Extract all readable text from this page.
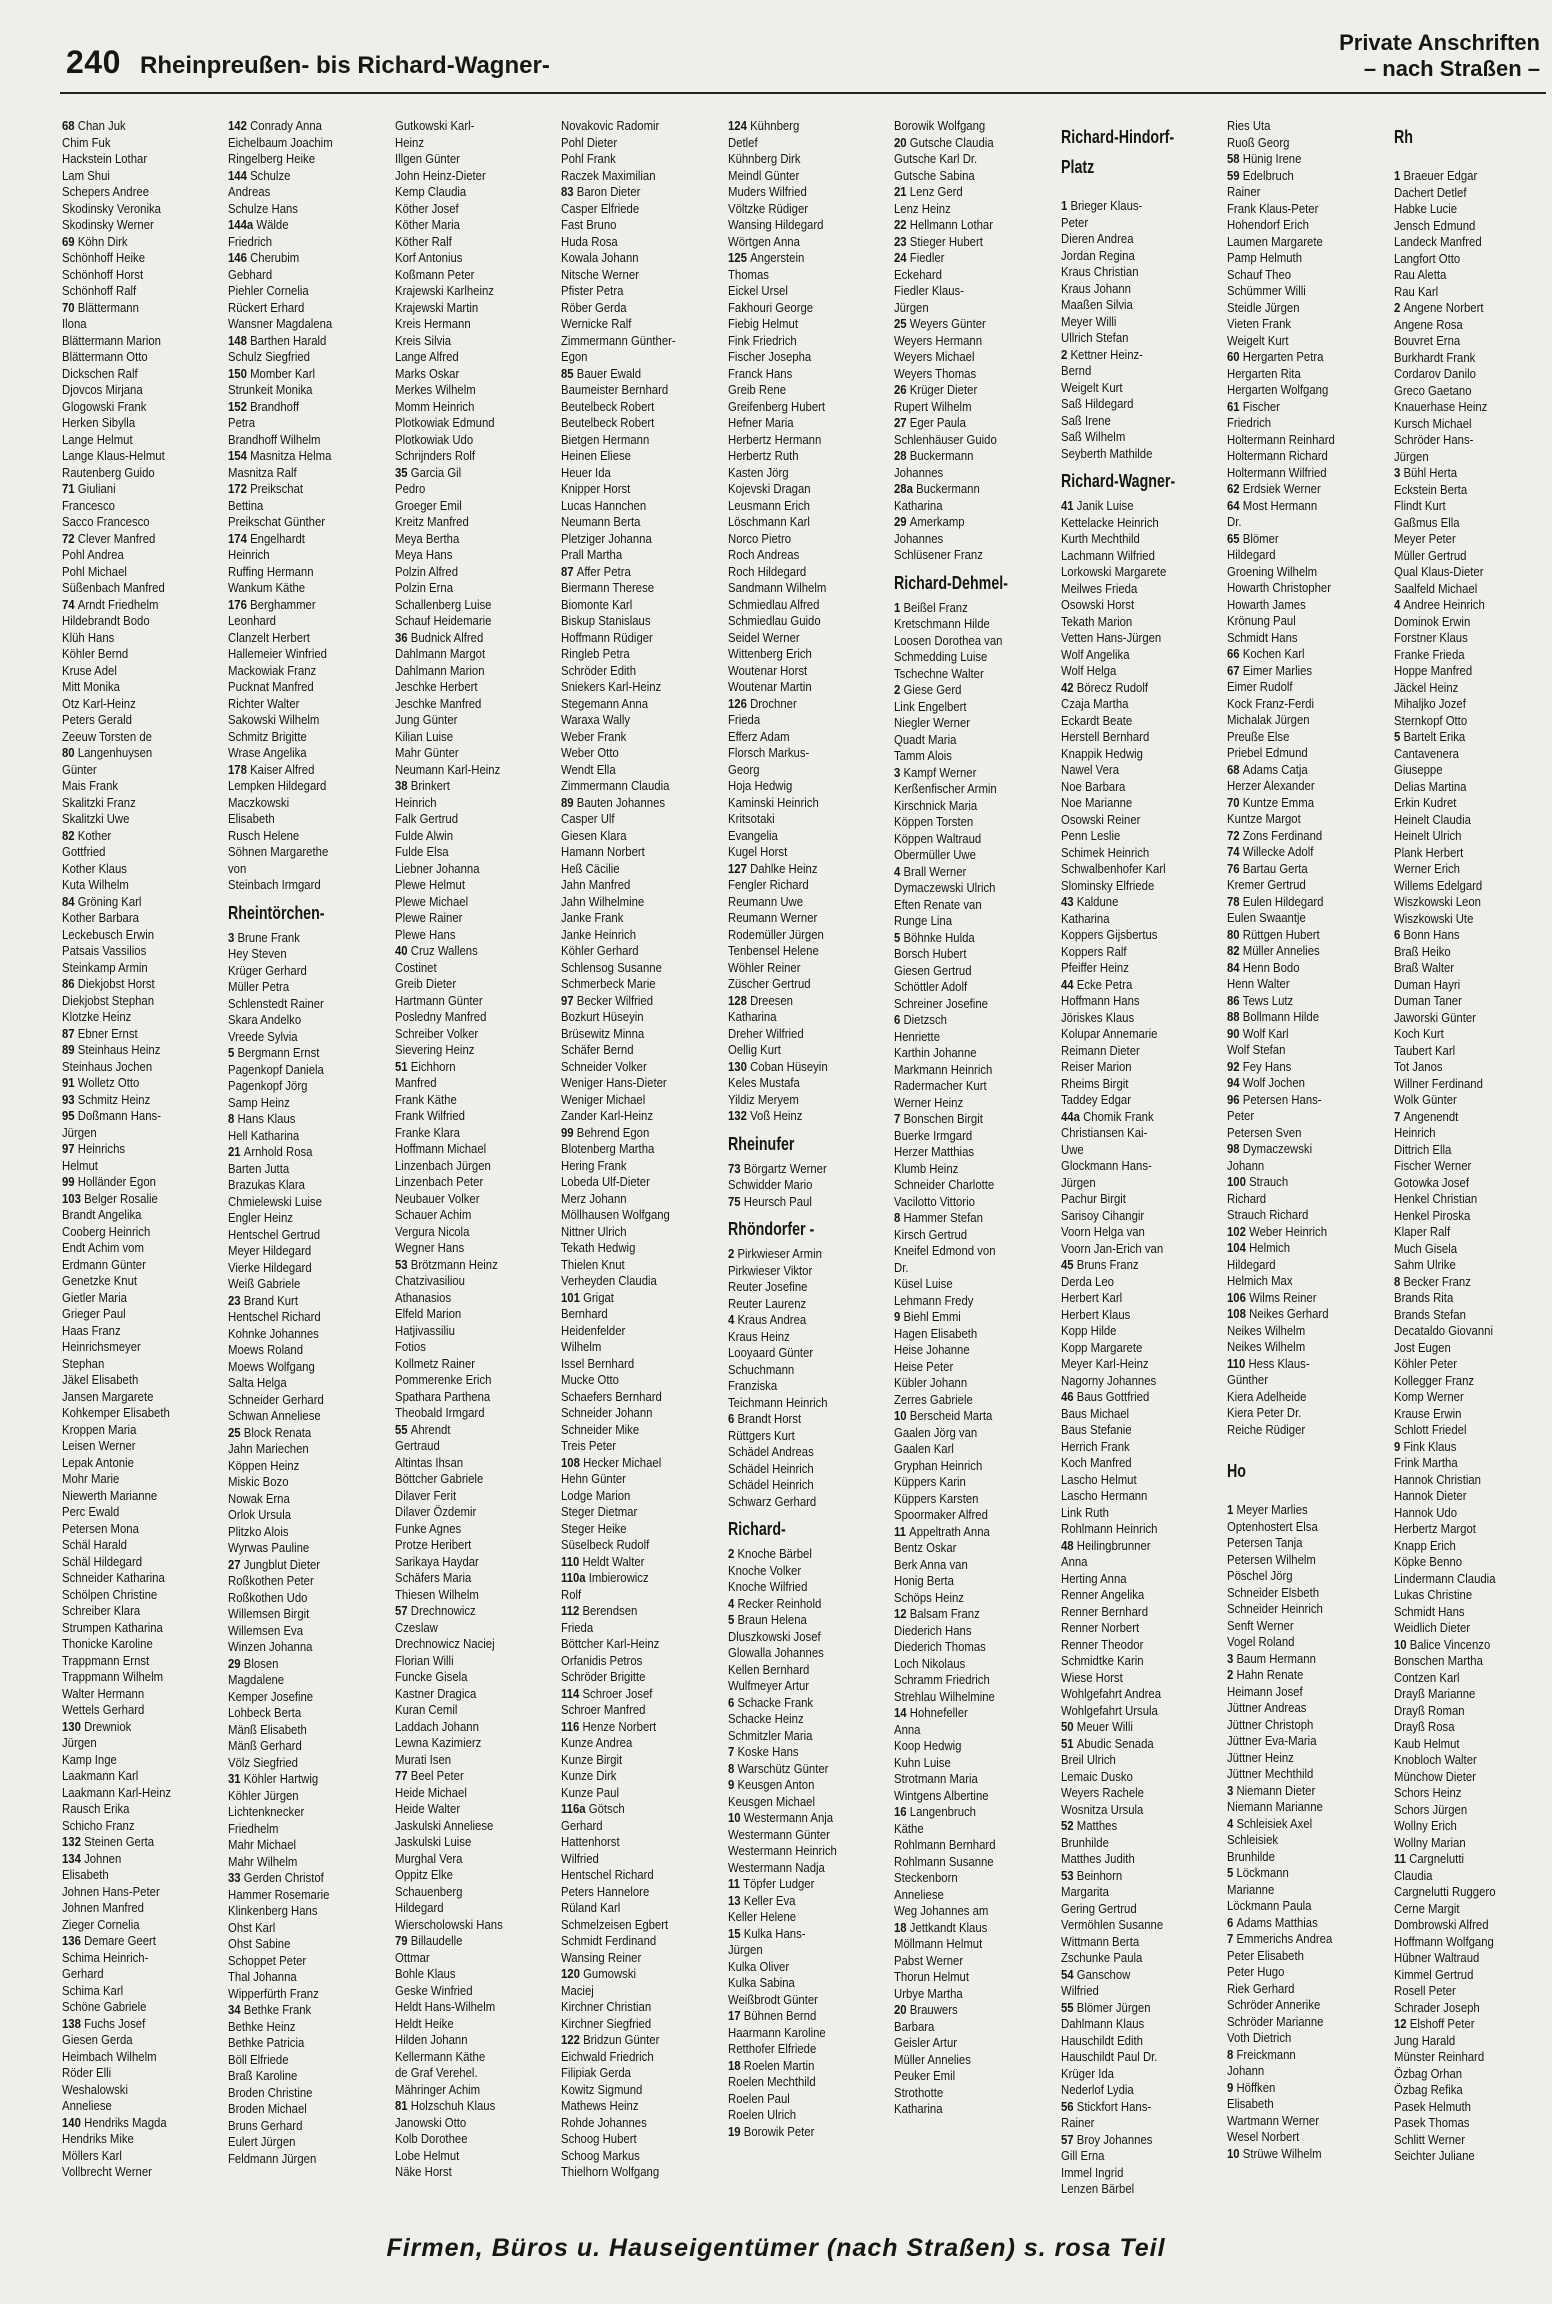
240 Rheinpreußen- bis Richard-Wagner-
Private Anschriften
– nach Straßen –
68 Chan Juk
Chim Fuk
Hackstein Lothar
Lam Shui
Schepers Andree
Skodinsky Veronika
Skodinsky Werner
69 Köhn Dirk
Schönhoff Heike
Schönhoff Horst
Schönhoff Ralf
70 Blättermann
Ilona
Blättermann Marion
Blättermann Otto
Dickschen Ralf
Djovcos Mirjana
Glogowski Frank
Herken Sibylla
Lange Helmut
Lange Klaus-Helmut
Rautenberg Guido
71 Giuliani
Francesco
Sacco Francesco
72 Clever Manfred
Pohl Andrea
Pohl Michael
Süßenbach Manfred
74 Arndt Friedhelm
Hildebrandt Bodo
Klüh Hans
Köhler Bernd
Kruse Adel
Mitt Monika
Otz Karl-Heinz
Peters Gerald
Zeeuw Torsten de
80 Langenhuysen
Günter
Mais Frank
Skalitzki Franz
Skalitzki Uwe
82 Kother
Gottfried
Kother Klaus
Kuta Wilhelm
84 Gröning Karl
Kother Barbara
Leckebusch Erwin
Patsais Vassilios
Steinkamp Armin
86 Diekjobst Horst
Diekjobst Stephan
Klotzke Heinz
87 Ebner Ernst
89 Steinhaus Heinz
Steinhaus Jochen
91 Wolletz Otto
93 Schmitz Heinz
95 Doßmann Hans-
Jürgen
97 Heinrichs
Helmut
99 Holländer Egon
103 Belger Rosalie
Brandt Angelika
Cooberg Heinrich
Endt Achim vom
Erdmann Günter
Genetzke Knut
Gietler Maria
Grieger Paul
Haas Franz
Heinrichsmeyer
Stephan
Jäkel Elisabeth
Jansen Margarete
Kohkemper Elisabeth
Kroppen Maria
Leisen Werner
Lepak Antonie
Mohr Marie
Niewerth Marianne
Perc Ewald
Petersen Mona
Schäl Harald
Schäl Hildegard
Schneider Katharina
Schölpen Christine
Schreiber Klara
Strumpen Katharina
Thonicke Karoline
Trappmann Ernst
Trappmann Wilhelm
Walter Hermann
Wettels Gerhard
130 Drewniok
Jürgen
Kamp Inge
Laakmann Karl
Laakmann Karl-Heinz
Rausch Erika
Schicho Franz
132 Steinen Gerta
134 Johnen
Elisabeth
Johnen Hans-Peter
Johnen Manfred
Zieger Cornelia
136 Demare Geert
Schima Heinrich-
Gerhard
Schima Karl
Schöne Gabriele
138 Fuchs Josef
Giesen Gerda
Heimbach Wilhelm
Röder Elli
Weshalowski
Anneliese
140 Hendriks Magda
Hendriks Mike
Möllers Karl
Vollbrecht Werner
142 Conrady Anna
Eichelbaum Joachim
Ringelberg Heike
144 Schulze
Andreas
Schulze Hans
144a Wälde
Friedrich
146 Cherubim
Gebhard
Piehler Cornelia
Rückert Erhard
Wansner Magdalena
148 Barthen Harald
Schulz Siegfried
150 Momber Karl
Strunkeit Monika
152 Brandhoff
Petra
Brandhoff Wilhelm
154 Masnitza Helma
Masnitza Ralf
172 Preikschat
Bettina
Preikschat Günther
174 Engelhardt
Heinrich
Ruffing Hermann
Wankum Käthe
176 Berghammer
Leonhard
Clanzelt Herbert
Hallemeier Winfried
Mackowiak Franz
Pucknat Manfred
Richter Walter
Sakowski Wilhelm
Schmitz Brigitte
Wrase Angelika
178 Kaiser Alfred
Lempken Hildegard
Maczkowski
Elisabeth
Rusch Helene
Söhnen Margarethe
von
Steinbach Irmgard
Rheintörchen-
3 Brune Frank
Hey Steven
Krüger Gerhard
Müller Petra
Schlenstedt Rainer
Skara Andelko
Vreede Sylvia
5 Bergmann Ernst
Pagenkopf Daniela
Pagenkopf Jörg
Samp Heinz
8 Hans Klaus
Hell Katharina
21 Arnhold Rosa
Barten Jutta
Brazukas Klara
Chmielewski Luise
Engler Heinz
Hentschel Gertrud
Meyer Hildegard
Vierke Hildegard
Weiß Gabriele
23 Brand Kurt
Hentschel Richard
Kohnke Johannes
Moews Roland
Moews Wolfgang
Salta Helga
Schneider Gerhard
Schwan Anneliese
25 Block Renata
Jahn Mariechen
Köppen Heinz
Miskic Bozo
Nowak Erna
Orlok Ursula
Plitzko Alois
Wyrwas Pauline
27 Jungblut Dieter
Roßkothen Peter
Roßkothen Udo
Willemsen Birgit
Willemsen Eva
Winzen Johanna
29 Blosen
Magdalene
Kemper Josefine
Lohbeck Berta
Mänß Elisabeth
Mänß Gerhard
Völz Siegfried
31 Köhler Hartwig
Köhler Jürgen
Lichtenknecker
Friedhelm
Mahr Michael
Mahr Wilhelm
33 Gerden Christof
Hammer Rosemarie
Klinkenberg Hans
Ohst Karl
Ohst Sabine
Schoppet Peter
Thal Johanna
Wipperfürth Franz
34 Bethke Frank
Bethke Heinz
Bethke Patricia
Böll Elfriede
Braß Karoline
Broden Christine
Broden Michael
Bruns Gerhard
Eulert Jürgen
Feldmann Jürgen
Gutkowski Karl-
Heinz
Illgen Günter
John Heinz-Dieter
Kemp Claudia
Köther Josef
Köther Maria
Köther Ralf
Korf Antonius
Koßmann Peter
Krajewski Karlheinz
Krajewski Martin
Kreis Hermann
Kreis Silvia
Lange Alfred
Marks Oskar
Merkes Wilhelm
Momm Heinrich
Plotkowiak Edmund
Plotkowiak Udo
Schrijnders Rolf
35 Garcia Gil
Pedro
Groeger Emil
Kreitz Manfred
Meya Bertha
Meya Hans
Polzin Alfred
Polzin Erna
Schallenberg Luise
Schauf Heidemarie
36 Budnick Alfred
Dahlmann Margot
Dahlmann Marion
Jeschke Herbert
Jeschke Manfred
Jung Günter
Kilian Luise
Mahr Günter
Neumann Karl-Heinz
38 Brinkert
Heinrich
Falk Gertrud
Fulde Alwin
Fulde Elsa
Liebner Johanna
Plewe Helmut
Plewe Michael
Plewe Rainer
Plewe Hans
40 Cruz Wallens
Costinet
Greib Dieter
Hartmann Günter
Posledny Manfred
Schreiber Volker
Sievering Heinz
51 Eichhorn
Manfred
Frank Käthe
Frank Wilfried
Franke Klara
Hoffmann Michael
Linzenbach Jürgen
Linzenbach Peter
Neubauer Volker
Schauer Achim
Vergura Nicola
Wegner Hans
53 Brötzmann Heinz
Chatzivasiliou
Athanasios
Elfeld Marion
Hatjivassiliu
Fotios
Kollmetz Rainer
Pommerenke Erich
Spathara Parthena
Theobald Irmgard
55 Ahrendt
Gertraud
Altintas Ihsan
Böttcher Gabriele
Dilaver Ferit
Dilaver Özdemir
Funke Agnes
Protze Heribert
Sarikaya Haydar
Schäfers Maria
Thiesen Wilhelm
57 Drechnowicz
Czeslaw
Drechnowicz Naciej
Florian Willi
Funcke Gisela
Kastner Dragica
Kuran Cemil
Laddach Johann
Lewna Kazimierz
Murati Isen
77 Beel Peter
Heide Michael
Heide Walter
Jaskulski Anneliese
Jaskulski Luise
Murghal Vera
Oppitz Elke
Schauenberg
Hildegard
Wierscholowski Hans
79 Billaudelle
Ottmar
Bohle Klaus
Geske Winfried
Heldt Hans-Wilhelm
Heldt Heike
Hilden Johann
Kellermann Käthe
de Graf Verehel.
Mähringer Achim
81 Holzschuh Klaus
Janowski Otto
Kolb Dorothee
Lobe Helmut
Näke Horst
Novakovic Radomir
Pohl Dieter
Pohl Frank
Raczek Maximilian
83 Baron Dieter
Casper Elfriede
Fast Bruno
Huda Rosa
Kowala Johann
Nitsche Werner
Pfister Petra
Röber Gerda
Wernicke Ralf
Zimmermann Günther-
Egon
85 Bauer Ewald
Baumeister Bernhard
Beutelbeck Robert
Beutelbeck Robert
Bietgen Hermann
Heinen Eliese
Heuer Ida
Knipper Horst
Lucas Hannchen
Neumann Berta
Pletziger Johanna
Prall Martha
87 Affer Petra
Biermann Therese
Biomonte Karl
Biskup Stanislaus
Hoffmann Rüdiger
Ringleb Petra
Schröder Edith
Sniekers Karl-Heinz
Stegemann Anna
Waraxa Wally
Weber Frank
Weber Otto
Wendt Ella
Zimmermann Claudia
89 Bauten Johannes
Casper Ulf
Giesen Klara
Hamann Norbert
Heß Cäcilie
Jahn Manfred
Jahn Wilhelmine
Janke Frank
Janke Heinrich
Köhler Gerhard
Schlensog Susanne
Schmerbeck Marie
97 Becker Wilfried
Bozkurt Hüseyin
Brüsewitz Minna
Schäfer Bernd
Schneider Volker
Weniger Hans-Dieter
Weniger Michael
Zander Karl-Heinz
99 Behrend Egon
Blotenberg Martha
Hering Frank
Lobeda Ulf-Dieter
Merz Johann
Möllhausen Wolfgang
Nittner Ulrich
Tekath Hedwig
Thielen Knut
Verheyden Claudia
101 Grigat
Bernhard
Heidenfelder
Wilhelm
Issel Bernhard
Mucke Otto
Schaefers Bernhard
Schneider Johann
Schneider Mike
Treis Peter
108 Hecker Michael
Hehn Günter
Lodge Marion
Steger Dietmar
Steger Heike
Süselbeck Rudolf
110 Heldt Walter
110a Imbierowicz
Rolf
112 Berendsen
Frieda
Böttcher Karl-Heinz
Orfanidis Petros
Schröder Brigitte
114 Schroer Josef
Schroer Manfred
116 Henze Norbert
Kunze Andrea
Kunze Birgit
Kunze Dirk
Kunze Paul
116a Götsch
Gerhard
Hattenhorst
Wilfried
Hentschel Richard
Peters Hannelore
Rüland Karl
Schmelzeisen Egbert
Schmidt Ferdinand
Wansing Reiner
120 Gumowski
Maciej
Kirchner Christian
Kirchner Siegfried
122 Bridzun Günter
Eichwald Friedrich
Filipiak Gerda
Kowitz Sigmund
Mathews Heinz
Rohde Johannes
Schoog Hubert
Schoog Markus
Thielhorn Wolfgang
124 Kühnberg
Detlef
Kühnberg Dirk
Meindl Günter
Muders Wilfried
Völtzke Rüdiger
Wansing Hildegard
Wörtgen Anna
125 Angerstein
Thomas
Eickel Ursel
Fakhouri George
Fiebig Helmut
Fink Friedrich
Fischer Josepha
Franck Hans
Greib Rene
Greifenberg Hubert
Hefner Maria
Herbertz Hermann
Herbertz Ruth
Kasten Jörg
Kojevski Dragan
Leusmann Erich
Löschmann Karl
Norco Pietro
Roch Andreas
Roch Hildegard
Sandmann Wilhelm
Schmiedlau Alfred
Schmiedlau Guido
Seidel Werner
Wittenberg Erich
Woutenar Horst
Woutenar Martin
126 Drochner
Frieda
Efferz Adam
Florsch Markus-
Georg
Hoja Hedwig
Kaminski Heinrich
Kritsotaki
Evangelia
Kugel Horst
127 Dahlke Heinz
Fengler Richard
Reumann Uwe
Reumann Werner
Rodemüller Jürgen
Tenbensel Helene
Wöhler Reiner
Züscher Gertrud
128 Dreesen
Katharina
Dreher Wilfried
Oellig Kurt
130 Coban Hüseyin
Keles Mustafa
Yildiz Meryem
132 Voß Heinz
Rheinufer
73 Börgartz Werner
Schwidder Mario
75 Heursch Paul
Rhöndorfer -
2 Pirkwieser Armin
Pirkwieser Viktor
Reuter Josefine
Reuter Laurenz
4 Kraus Andrea
Kraus Heinz
Looyaard Günter
Schuchmann
Franziska
Teichmann Heinrich
6 Brandt Horst
Rüttgers Kurt
Schädel Andreas
Schädel Heinrich
Schädel Heinrich
Schwarz Gerhard
Richard-
2 Knoche Bärbel
Knoche Volker
Knoche Wilfried
4 Recker Reinhold
5 Braun Helena
Dluszkowski Josef
Glowalla Johannes
Kellen Bernhard
Wulfmeyer Artur
6 Schacke Frank
Schacke Heinz
Schmitzler Maria
7 Koske Hans
8 Warschütz Günter
9 Keusgen Anton
Keusgen Michael
10 Westermann Anja
Westermann Günter
Westermann Heinrich
Westermann Nadja
11 Töpfer Ludger
13 Keller Eva
Keller Helene
15 Kulka Hans-
Jürgen
Kulka Oliver
Kulka Sabina
Weißbrodt Günter
17 Bühnen Bernd
Haarmann Karoline
Retthofer Elfriede
18 Roelen Martin
Roelen Mechthild
Roelen Paul
Roelen Ulrich
19 Borowik Peter
Borowik Wolfgang
20 Gutsche Claudia
Gutsche Karl Dr.
Gutsche Sabina
21 Lenz Gerd
Lenz Heinz
22 Hellmann Lothar
23 Stieger Hubert
24 Fiedler
Eckehard
Fiedler Klaus-
Jürgen
25 Weyers Günter
Weyers Hermann
Weyers Michael
Weyers Thomas
26 Krüger Dieter
Rupert Wilhelm
27 Eger Paula
Schlenhäuser Guido
28 Buckermann
Johannes
28a Buckermann
Katharina
29 Amerkamp
Johannes
Schlüsener Franz
Richard-Dehmel-
1 Beißel Franz
Kretschmann Hilde
Loosen Dorothea van
Schmedding Luise
Tschechne Walter
2 Giese Gerd
Link Engelbert
Niegler Werner
Quadt Maria
Tamm Alois
3 Kampf Werner
Kerßenfischer Armin
Kirschnick Maria
Köppen Torsten
Köppen Waltraud
Obermüller Uwe
4 Brall Werner
Dymaczewski Ulrich
Eften Renate van
Runge Lina
5 Böhnke Hulda
Borsch Hubert
Giesen Gertrud
Schöttler Adolf
Schreiner Josefine
6 Dietzsch
Henriette
Karthin Johanne
Markmann Heinrich
Radermacher Kurt
Werner Heinz
7 Bonschen Birgit
Buerke Irmgard
Herzer Matthias
Klumb Heinz
Schneider Charlotte
Vacilotto Vittorio
8 Hammer Stefan
Kirsch Gertrud
Kneifel Edmond von
Dr.
Küsel Luise
Lehmann Fredy
9 Biehl Emmi
Hagen Elisabeth
Heise Johanne
Heise Peter
Kübler Johann
Zerres Gabriele
10 Berscheid Marta
Gaalen Jörg van
Gaalen Karl
Gryphan Heinrich
Küppers Karin
Küppers Karsten
Spoormaker Alfred
11 Appeltrath Anna
Bentz Oskar
Berk Anna van
Honig Berta
Schöps Heinz
12 Balsam Franz
Diederich Hans
Diederich Thomas
Loch Nikolaus
Schramm Friedrich
Strehlau Wilhelmine
14 Hohnefeller
Anna
Koop Hedwig
Kuhn Luise
Strotmann Maria
Wintgens Albertine
16 Langenbruch
Käthe
Rohlmann Bernhard
Rohlmann Susanne
Steckenborn
Anneliese
Weg Johannes am
18 Jettkandt Klaus
Möllmann Helmut
Pabst Werner
Thorun Helmut
Urbye Martha
20 Brauwers
Barbara
Geisler Artur
Müller Annelies
Peuker Emil
Strothotte
Katharina
Richard-Hindorf-
Platz
1 Brieger Klaus-
Peter
Dieren Andrea
Jordan Regina
Kraus Christian
Kraus Johann
Maaßen Silvia
Meyer Willi
Ullrich Stefan
2 Kettner Heinz-
Bernd
Weigelt Kurt
Saß Hildegard
Saß Irene
Saß Wilhelm
Seyberth Mathilde
Richard-Wagner-
41 Janik Luise
Kettelacke Heinrich
Kurth Mechthild
Lachmann Wilfried
Lorkowski Margarete
Meilwes Frieda
Osowski Horst
Tekath Marion
Vetten Hans-Jürgen
Wolf Angelika
Wolf Helga
42 Börecz Rudolf
Czaja Martha
Eckardt Beate
Herstell Bernhard
Knappik Hedwig
Nawel Vera
Noe Barbara
Noe Marianne
Osowski Reiner
Penn Leslie
Schimek Heinrich
Schwalbenhofer Karl
Slominsky Elfriede
43 Kaldune
Katharina
Koppers Gijsbertus
Koppers Ralf
Pfeiffer Heinz
44 Ecke Petra
Hoffmann Hans
Jöriskes Klaus
Kolupar Annemarie
Reimann Dieter
Reiser Marion
Rheims Birgit
Taddey Edgar
44a Chomik Frank
Christiansen Kai-
Uwe
Glockmann Hans-
Jürgen
Pachur Birgit
Sarisoy Cihangir
Voorn Helga van
Voorn Jan-Erich van
45 Bruns Franz
Derda Leo
Herbert Karl
Herbert Klaus
Kopp Hilde
Kopp Margarete
Meyer Karl-Heinz
Nagorny Johannes
46 Baus Gottfried
Baus Michael
Baus Stefanie
Herrich Frank
Koch Manfred
Lascho Helmut
Lascho Hermann
Link Ruth
Rohlmann Heinrich
48 Heilingbrunner
Anna
Herting Anna
Renner Angelika
Renner Bernhard
Renner Norbert
Renner Theodor
Schmidtke Karin
Wiese Horst
Wohlgefahrt Andrea
Wohlgefahrt Ursula
50 Meuer Willi
51 Abudic Senada
Breil Ulrich
Lemaic Dusko
Weyers Rachele
Wosnitza Ursula
52 Matthes
Brunhilde
Matthes Judith
53 Beinhorn
Margarita
Gering Gertrud
Vermöhlen Susanne
Wittmann Berta
Zschunke Paula
54 Ganschow
Wilfried
55 Blömer Jürgen
Dahlmann Klaus
Hauschildt Edith
Hauschildt Paul Dr.
Krüger Ida
Nederlof Lydia
56 Stickfort Hans-
Rainer
57 Broy Johannes
Gill Erna
Immel Ingrid
Lenzen Bärbel
Ries Uta
Ruoß Georg
58 Hünig Irene
59 Edelbruch
Rainer
Frank Klaus-Peter
Hohendorf Erich
Laumen Margarete
Pamp Helmuth
Schauf Theo
Schümmer Willi
Steidle Jürgen
Vieten Frank
Weigelt Kurt
60 Hergarten Petra
Hergarten Rita
Hergarten Wolfgang
61 Fischer
Friedrich
Holtermann Reinhard
Holtermann Richard
Holtermann Wilfried
62 Erdsiek Werner
64 Most Hermann
Dr.
65 Blömer
Hildegard
Groening Wilhelm
Howarth Christopher
Howarth James
Krönung Paul
Schmidt Hans
66 Kochen Karl
67 Eimer Marlies
Eimer Rudolf
Kock Franz-Ferdi
Michalak Jürgen
Preuße Else
Priebel Edmund
68 Adams Catja
Herzer Alexander
70 Kuntze Emma
Kuntze Margot
72 Zons Ferdinand
74 Willecke Adolf
76 Bartau Gerta
Kremer Gertrud
78 Eulen Hildegard
Eulen Swaantje
80 Rüttgen Hubert
82 Müller Annelies
84 Henn Bodo
Henn Walter
86 Tews Lutz
88 Bollmann Hilde
90 Wolf Karl
Wolf Stefan
92 Fey Hans
94 Wolf Jochen
96 Petersen Hans-
Peter
Petersen Sven
98 Dymaczewski
Johann
100 Strauch
Richard
Strauch Richard
102 Weber Heinrich
104 Helmich
Hildegard
Helmich Max
106 Wilms Reiner
108 Neikes Gerhard
Neikes Wilhelm
Neikes Wilhelm
110 Hess Klaus-
Günther
Kiera Adelheide
Kiera Peter Dr.
Reiche Rüdiger
Ho
1 Meyer Marlies
Optenhostert Elsa
Petersen Tanja
Petersen Wilhelm
Pöschel Jörg
Schneider Elsbeth
Schneider Heinrich
Senft Werner
Vogel Roland
3 Baum Hermann
2 Hahn Renate
Heimann Josef
Jüttner Andreas
Jüttner Christoph
Jüttner Eva-Maria
Jüttner Heinz
Jüttner Mechthild
3 Niemann Dieter
Niemann Marianne
4 Schleisiek Axel
Schleisiek
Brunhilde
5 Löckmann
Marianne
Löckmann Paula
6 Adams Matthias
7 Emmerichs Andrea
Peter Elisabeth
Peter Hugo
Riek Gerhard
Schröder Annerike
Schröder Marianne
Voth Dietrich
8 Freickmann
Johann
9 Höffken
Elisabeth
Wartmann Werner
Wesel Norbert
10 Strüwe Wilhelm
Rh
1 Braeuer Edgar
Dachert Detlef
Habke Lucie
Jensch Edmund
Landeck Manfred
Langfort Otto
Rau Aletta
Rau Karl
2 Angene Norbert
Angene Rosa
Bouvret Erna
Burkhardt Frank
Cordarov Danilo
Greco Gaetano
Knauerhase Heinz
Kursch Michael
Schröder Hans-
Jürgen
3 Bühl Herta
Eckstein Berta
Flindt Kurt
Gaßmus Ella
Meyer Peter
Müller Gertrud
Qual Klaus-Dieter
Saalfeld Michael
4 Andree Heinrich
Dominok Erwin
Forstner Klaus
Franke Frieda
Hoppe Manfred
Jäckel Heinz
Mihaljko Jozef
Sternkopf Otto
5 Bartelt Erika
Cantavenera
Giuseppe
Delias Martina
Erkin Kudret
Heinelt Claudia
Heinelt Ulrich
Plank Herbert
Werner Erich
Willems Edelgard
Wiszkowski Leon
Wiszkowski Ute
6 Bonn Hans
Braß Heiko
Braß Walter
Duman Hayri
Duman Taner
Jaworski Günter
Koch Kurt
Taubert Karl
Tot Janos
Willner Ferdinand
Wolk Günter
7 Angenendt
Heinrich
Dittrich Ella
Fischer Werner
Gotowka Josef
Henkel Christian
Henkel Piroska
Klaper Ralf
Much Gisela
Sahm Ulrike
8 Becker Franz
Brands Rita
Brands Stefan
Decataldo Giovanni
Jost Eugen
Köhler Peter
Kollegger Franz
Komp Werner
Krause Erwin
Schlott Friedel
9 Fink Klaus
Frink Martha
Hannok Christian
Hannok Dieter
Hannok Udo
Herbertz Margot
Knapp Erich
Köpke Benno
Lindermann Claudia
Lukas Christine
Schmidt Hans
Weidlich Dieter
10 Balice Vincenzo
Bonschen Martha
Contzen Karl
Drayß Marianne
Drayß Roman
Drayß Rosa
Kaub Helmut
Knobloch Walter
Münchow Dieter
Schors Heinz
Schors Jürgen
Wollny Erich
Wollny Marian
11 Cargnelutti
Claudia
Cargnelutti Ruggero
Cerne Margit
Dombrowski Alfred
Hoffmann Wolfgang
Hübner Waltraud
Kimmel Gertrud
Rosell Peter
Schrader Joseph
12 Elshoff Peter
Jung Harald
Münster Reinhard
Özbag Orhan
Özbag Refika
Pasek Helmuth
Pasek Thomas
Schlitt Werner
Seichter Juliane
Firmen, Büros u. Hauseigentümer (nach Straßen) s. rosa Teil
